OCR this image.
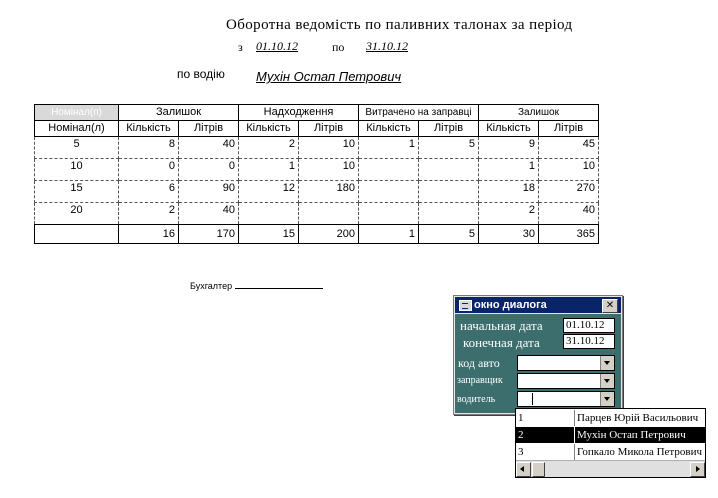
Оборотна ведомість по паливних талонах за період
з 01.10.12	по 31.10.12
по водію Мухін Остап Петрович
Номінал(п)	Залишок		Надходження		Витрачено на заправці		Залишок	
Номінал(л)	Кількість	Літрів	Кількість	Літрів	Кількість	Літрів	Кількість	Літрів
5	8	40	2	10	1	5	9	45
10	0	0	1	10			1	10
15	6	90	12	180			18	270
20	2	40					2	40
	16	170	15	200	1	5	30	365
Бухгалтер
окно диалога	✕
начальная дата 01.10.12
конечная дата 31.10.12
код авто
заправщик
водитель
1	Парцев Юрій Васильович
2	Мухін Остап Петрович
3	Гопкало Микола Петрович
